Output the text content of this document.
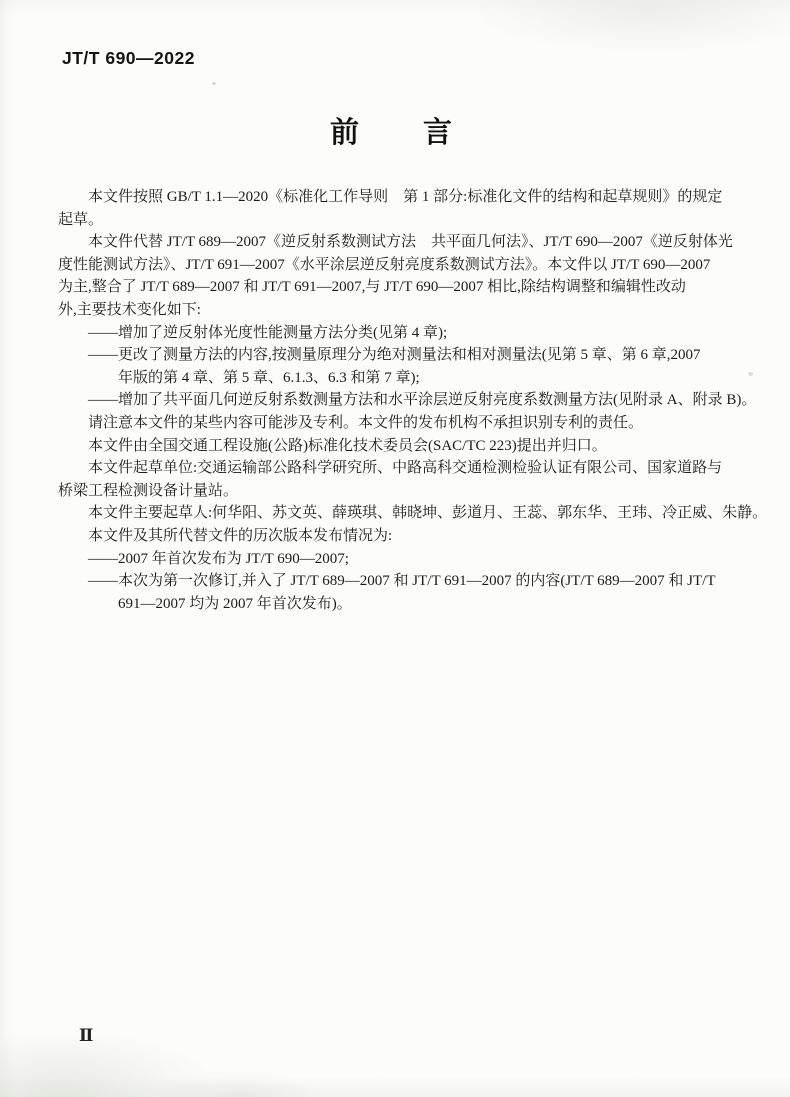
JT/T 690—2022
前　　言
本文件按照 GB/T 1.1—2020《标准化工作导则　第 1 部分:标准化文件的结构和起草规则》的规定
起草。
本文件代替 JT/T 689—2007《逆反射系数测试方法　共平面几何法》、JT/T 690—2007《逆反射体光
度性能测试方法》、JT/T 691—2007《水平涂层逆反射亮度系数测试方法》。本文件以 JT/T 690—2007
为主,整合了 JT/T 689—2007 和 JT/T 691—2007,与 JT/T 690—2007 相比,除结构调整和编辑性改动
外,主要技术变化如下:
——增加了逆反射体光度性能测量方法分类(见第 4 章);
——更改了测量方法的内容,按测量原理分为绝对测量法和相对测量法(见第 5 章、第 6 章,2007
年版的第 4 章、第 5 章、6.1.3、6.3 和第 7 章);
——增加了共平面几何逆反射系数测量方法和水平涂层逆反射亮度系数测量方法(见附录 A、附录 B)。
请注意本文件的某些内容可能涉及专利。本文件的发布机构不承担识别专利的责任。
本文件由全国交通工程设施(公路)标准化技术委员会(SAC/TC 223)提出并归口。
本文件起草单位:交通运输部公路科学研究所、中路高科交通检测检验认证有限公司、国家道路与
桥梁工程检测设备计量站。
本文件主要起草人:何华阳、苏文英、薛瑛琪、韩晓坤、彭道月、王蕊、郭东华、王玮、冷正威、朱静。
本文件及其所代替文件的历次版本发布情况为:
——2007 年首次发布为 JT/T 690—2007;
——本次为第一次修订,并入了 JT/T 689—2007 和 JT/T 691—2007 的内容(JT/T 689—2007 和 JT/T
691—2007 均为 2007 年首次发布)。
Ⅱ
